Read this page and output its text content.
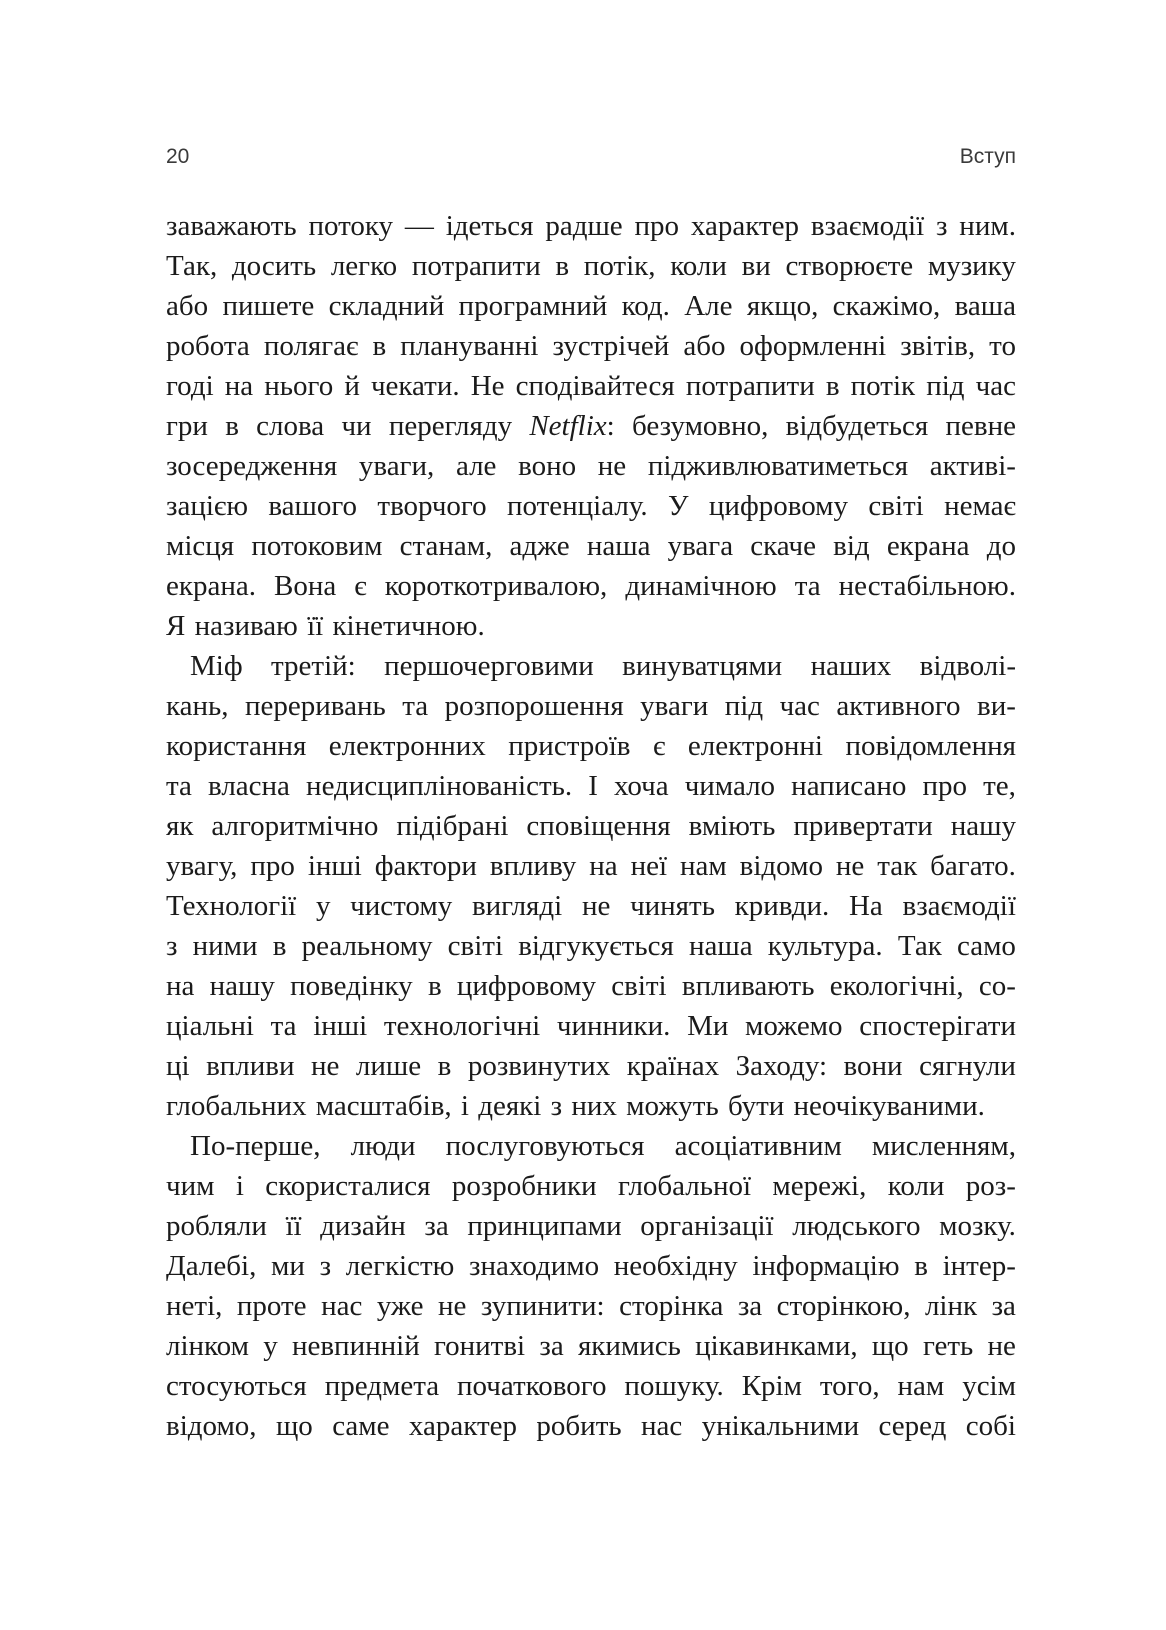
20	Вступ
заважають потоку — ідеться радше про характер взаємодії з ним.
Так, досить легко потрапити в потік, коли ви створюєте музику
або пишете складний програмний код. Але якщо, скажімо, ваша
робота полягає в плануванні зустрічей або оформленні звітів, то
годі на нього й чекати. Не сподівайтеся потрапити в потік під час
гри в слова чи перегляду Netflix: безумовно, відбудеться певне
зосередження уваги, але воно не підживлюватиметься активі-
зацією вашого творчого потенціалу. У цифровому світі немає
місця потоковим станам, адже наша увага скаче від екрана до
екрана. Вона є короткотривалою, динамічною та нестабільною.
Я називаю її кінетичною.
Міф третій: першочерговими винуватцями наших відволі-
кань, переривань та розпорошення уваги під час активного ви-
користання електронних пристроїв є електронні повідомлення
та власна недисциплінованість. І хоча чимало написано про те,
як алгоритмічно підібрані сповіщення вміють привертати нашу
увагу, про інші фактори впливу на неї нам відомо не так багато.
Технології у чистому вигляді не чинять кривди. На взаємодії
з ними в реальному світі відгукується наша культура. Так само
на нашу поведінку в цифровому світі впливають екологічні, со-
ціальні та інші технологічні чинники. Ми можемо спостерігати
ці впливи не лише в розвинутих країнах Заходу: вони сягнули
глобальних масштабів, і деякі з них можуть бути неочікуваними.
По-перше, люди послуговуються асоціативним мисленням,
чим і скористалися розробники глобальної мережі, коли роз-
робляли її дизайн за принципами організації людського мозку.
Далебі, ми з легкістю знаходимо необхідну інформацію в інтер-
неті, проте нас уже не зупинити: сторінка за сторінкою, лінк за
лінком у невпинній гонитві за якимись цікавинками, що геть не
стосуються предмета початкового пошуку. Крім того, нам усім
відомо, що саме характер робить нас унікальними серед собі
